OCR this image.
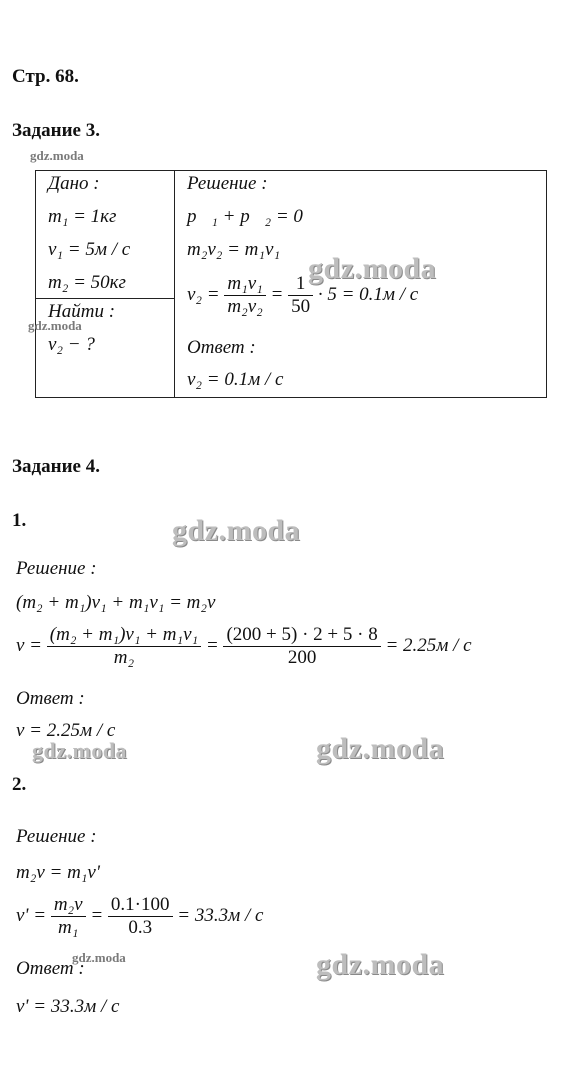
Стр. 68.
Задание 3.
gdz.moda
Дано :
m₁ = 1кг
v₁ = 5м / с
m₂ = 50кг

Решение :
p⃗₁ + p⃗₂ = 0
m₂v₂ = m₁v₁
$v_2 = \frac{\text{m₁v₁}}{\text{m₂v₂}} = \frac{1}{50} \cdot 5 = 0.1м / с$
Ответ :
v₂ = 0.1м / с

Найти :
v₂ − ?
gdz.moda
gdz.moda
Задание 4.
1.	gdz.moda
Решение :
(m₂ + m₁)v₁ + m₁v₁ = m₂v
$v = \frac{\text{(m₂ + m₁)v₁ + m₁v₁}}{\text{m₂}} = \frac{(200 + 5) \cdot 2 + 5 \cdot 8}{200} = 2.25м / с$
Ответ :
v = 2.25м / с
gdz.moda	gdz.moda
2.
Решение :
m₂v = m₁v'
$v' = \frac{\text{m₂v}}{\text{m₁}} = \frac{0.1\cdot 100}{0.3} = 33.3м / с$
Ответ :
gdz.moda	gdz.moda
v' = 33.3м / с
